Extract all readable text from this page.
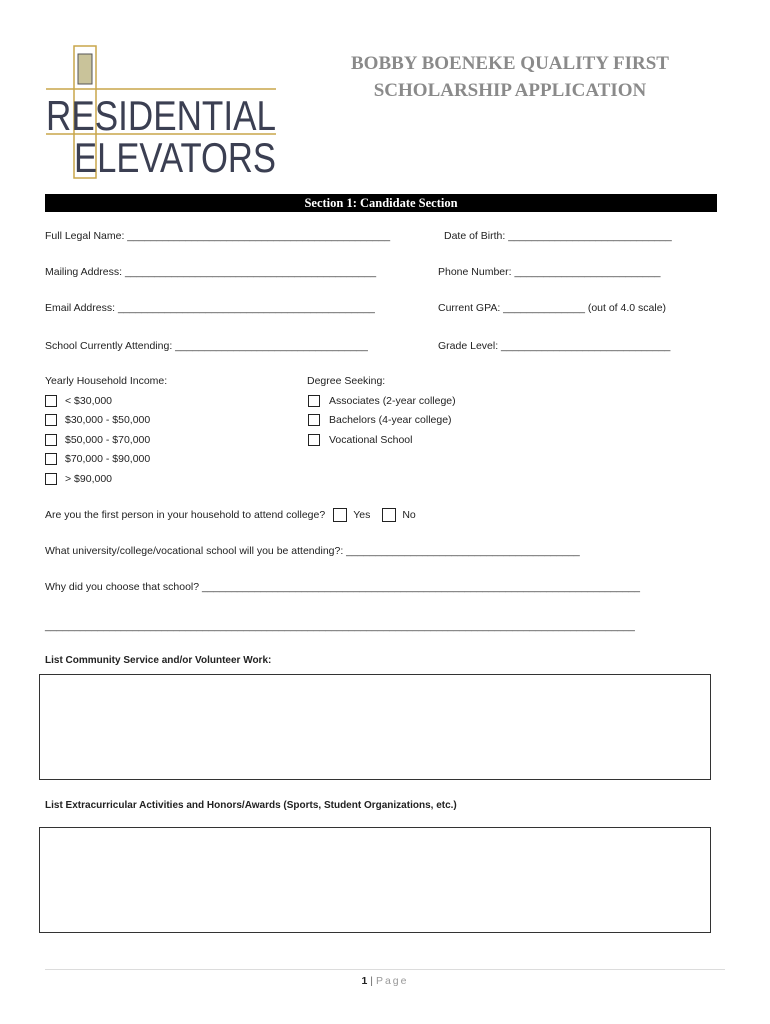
RESIDENTIAL
ELEVATORS
BOBBY BOENEKE QUALITY FIRST
SCHOLARSHIP APPLICATION
Section 1: Candidate Section
Full Legal Name: _____________________________________________	Date of Birth: ____________________________
Mailing Address: ___________________________________________	Phone Number: _________________________
Email Address: ____________________________________________	Current GPA: ______________ (out of 4.0 scale)
School Currently Attending: _________________________________	Grade Level: _____________________________
Yearly Household Income:
< $30,000
$30,000 - $50,000
$50,000 - $70,000
$70,000 - $90,000
> $90,000
Degree Seeking:
Associates (2-year college)
Bachelors (4-year college)
Vocational School
Are you the first person in your household to attend college?	Yes	No
What university/college/vocational school will you be attending?: ________________________________________
Why did you choose that school? ___________________________________________________________________________
_____________________________________________________________________________________________________
List Community Service and/or Volunteer Work:
List Extracurricular Activities and Honors/Awards (Sports, Student Organizations, etc.)
1 | Page
